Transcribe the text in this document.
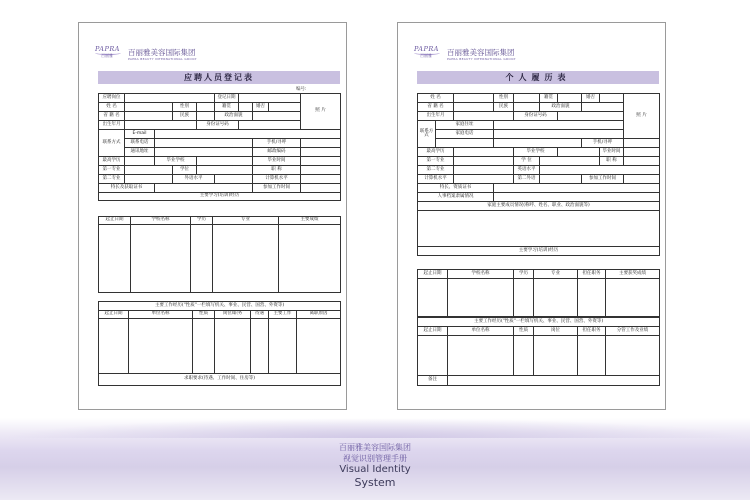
PAPRA
百丽雅 百丽雅美容国际集团
PAPRA BEAUTY INTERNATIONAL GROUP
应聘人员登记表
编号:
应聘岗位					登记日期				照 片
姓 名			性别		籍贯		婚否		
省 籍 名			民族		政治面貌				
出生年月				身份证号码					
联系方式	E-mail								
	联系电话						手机/寻呼		
	通讯地址						邮政编码		
最高学历		毕业学校					毕业时间		
第一专业			学位				职 称		
第二专业			外语水平				计算机水平		
特长及获取证书							参加工作时间		
主要学习(培训)经历									
起止日期	学校名称	学历	专业	主要成绩

主要工作经历("性质"一栏填写机关、事业、民营、国营、外资等)						
起止日期	单位名称	性质	岗位/职务	待遇	主要工作	离职原因

求职要求(待遇、工作时间、住房等)						
PAPRA
百丽雅 百丽雅美容国际集团
PAPRA BEAUTY INTERNATIONAL GROUP
个人履历表
姓 名			性别		籍贯		婚否		照 片
省 籍 名			民族		政治面貌				
出生年月				身份证号码					
联系方式	家庭住址								
	家庭电话								
							手机/寻呼		
最高学历				毕业学校				毕业时间	
第一专业				学 位				职 称	
第二专业				英语水平					
计算机水平				第二外语			参加工作时间		
特长、资质证书									
人事档案隶属情况									
家庭主要成员情况(称呼、姓名、职业、政治面貌等)									

主要学习(培训)经历									
起止日期	学校名称	学历	专业	担任职务	主要获奖成绩

主要工作经历("性质"一栏填写机关、事业、民营、国营、外资等)					
起止日期	单位名称	性质	岗位	担任职务	分管工作及业绩

备注					
百丽雅美容国际集团
视觉识别管理手册
Visual Identity
System
